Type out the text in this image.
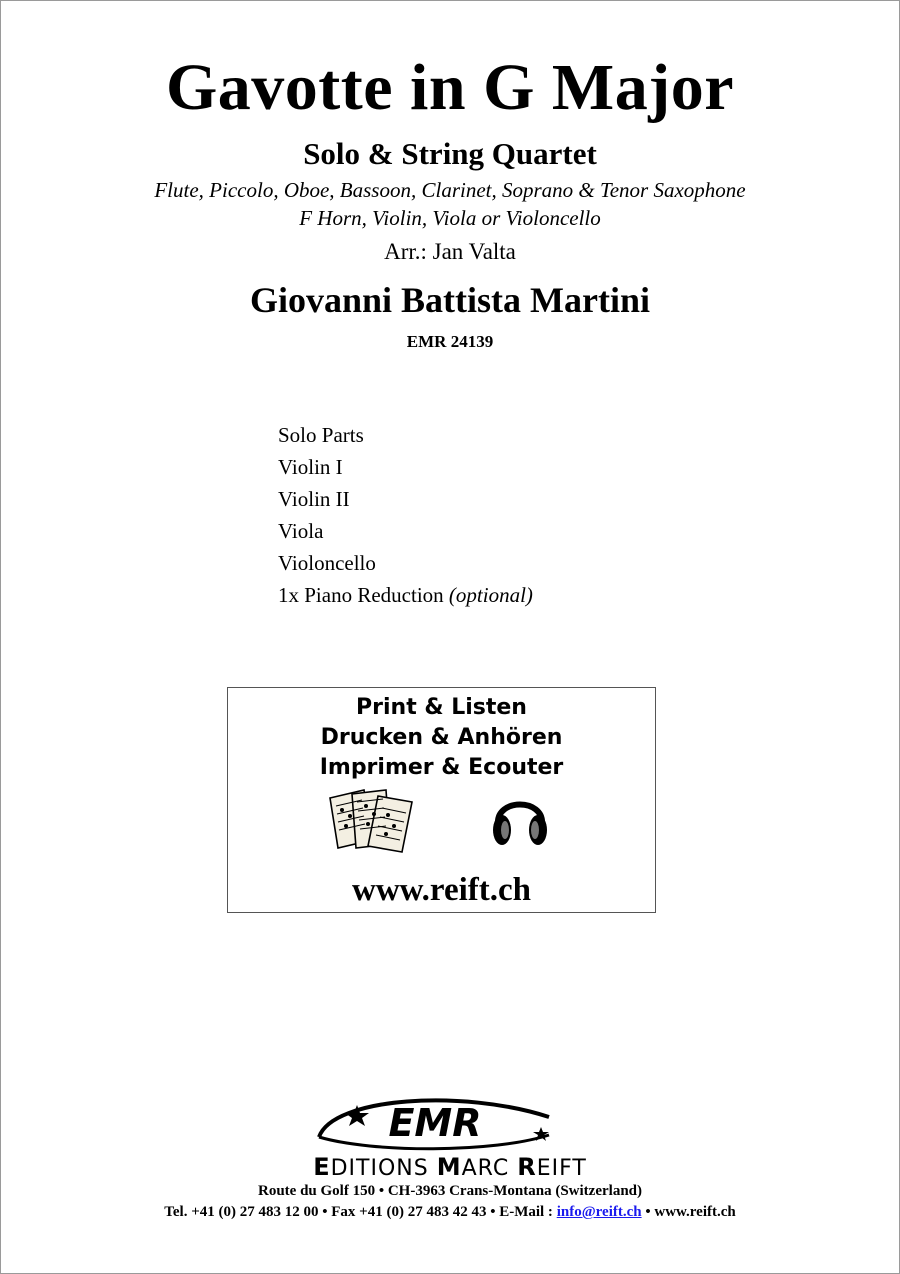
Gavotte in G Major
Solo & String Quartet
Flute, Piccolo, Oboe, Bassoon, Clarinet, Soprano & Tenor Saxophone
F Horn, Violin, Viola or Violoncello
Arr.: Jan Valta
Giovanni Battista Martini
EMR 24139
Solo Parts
Violin I
Violin II
Viola
Violoncello
1x Piano Reduction (optional)
Print & Listen
Drucken & Anhören
Imprimer & Ecouter
www.reift.ch
EMR
EDITIONS MARC REIFT
Route du Golf 150 • CH-3963 Crans-Montana (Switzerland)
Tel. +41 (0) 27 483 12 00 • Fax +41 (0) 27 483 42 43 • E-Mail : info@reift.ch • www.reift.ch
